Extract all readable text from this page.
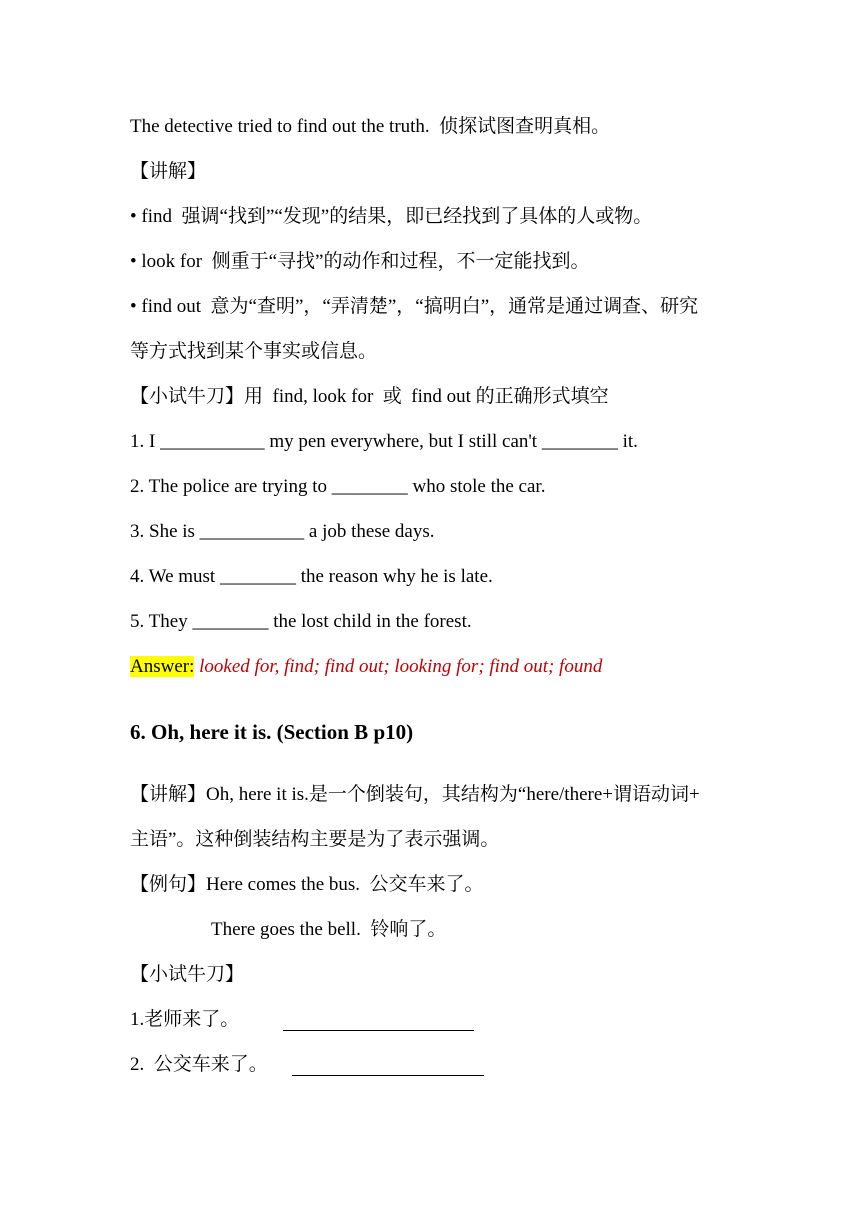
The detective tried to find out the truth.  侦探试图查明真相。
【讲解】
• find  强调“找到”“发现”的结果，即已经找到了具体的人或物。
• look for  侧重于“寻找”的动作和过程，不一定能找到。
• find out  意为“查明”，“弄清楚”，“搞明白”，通常是通过调查、研究
等方式找到某个事实或信息。
【小试牛刀】用  find, look for  或  find out 的正确形式填空
1. I ___________ my pen everywhere, but I still can't ________ it.
2. The police are trying to ________ who stole the car.
3. She is ___________ a job these days.
4. We must ________ the reason why he is late.
5. They ________ the lost child in the forest.
Answer: looked for, find; find out; looking for; find out; found
6. Oh, here it is. (Section B p10)
【讲解】Oh, here it is.是一个倒装句，其结构为“here/there+谓语动词+
主语”。这种倒装结构主要是为了表示强调。
【例句】Here comes the bus.  公交车来了。
There goes the bell.  铃响了。
【小试牛刀】
1.老师来了。
2.  公交车来了。
